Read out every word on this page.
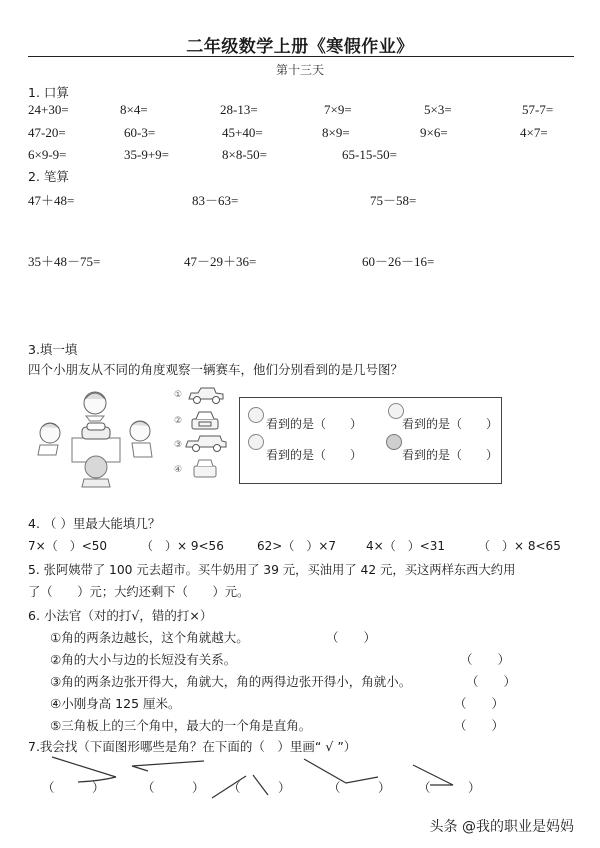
二年级数学上册《寒假作业》
第十三天
1. 口算
24+30=	8×4=	28-13=	7×9=	5×3=	57-7=
47-20=	60-3=	45+40=	8×9=	9×6=	4×7=
6×9-9=	35-9+9=	8×8-50=	65-15-50=
2. 笔算
47＋48=	83－63=	75－58=
35＋48－75=	47－29＋36=	60－26－16=
3.填一填
四个小朋友从不同的角度观察一辆赛车，他们分别看到的是几号图？
①
②
③
④
看到的是（　　）	看到的是（　　）
看到的是（　　）	看到的是（　　）
4. （ ）里最大能填几？
7×（　）<50	（　）× 9<56	62>（　）×7 4×（　）<31	（　）× 8<65
5. 张阿姨带了 100 元去超市。买牛奶用了 39 元，买油用了 42 元，买这两样东西大约用
了（　　）元；大约还剩下（　　）元。
6. 小法官（对的打√，错的打×）
①角的两条边越长，这个角就越大。	（　　）
②角的大小与边的长短没有关系。	（　　）
③角的两条边张开得大，角就大，角的两得边张开得小，角就小。	（　　）
④小刚身高 125 厘米。	（　　）
⑤三角板上的三个角中，最大的一个角是直角。	（　　）
7.我会找（下面图形哪些是角？在下面的（　）里画“ √ ”）
（　　　）	（　　　） （　　　）	（　　　） （　　　）
头条 @我的职业是妈妈
